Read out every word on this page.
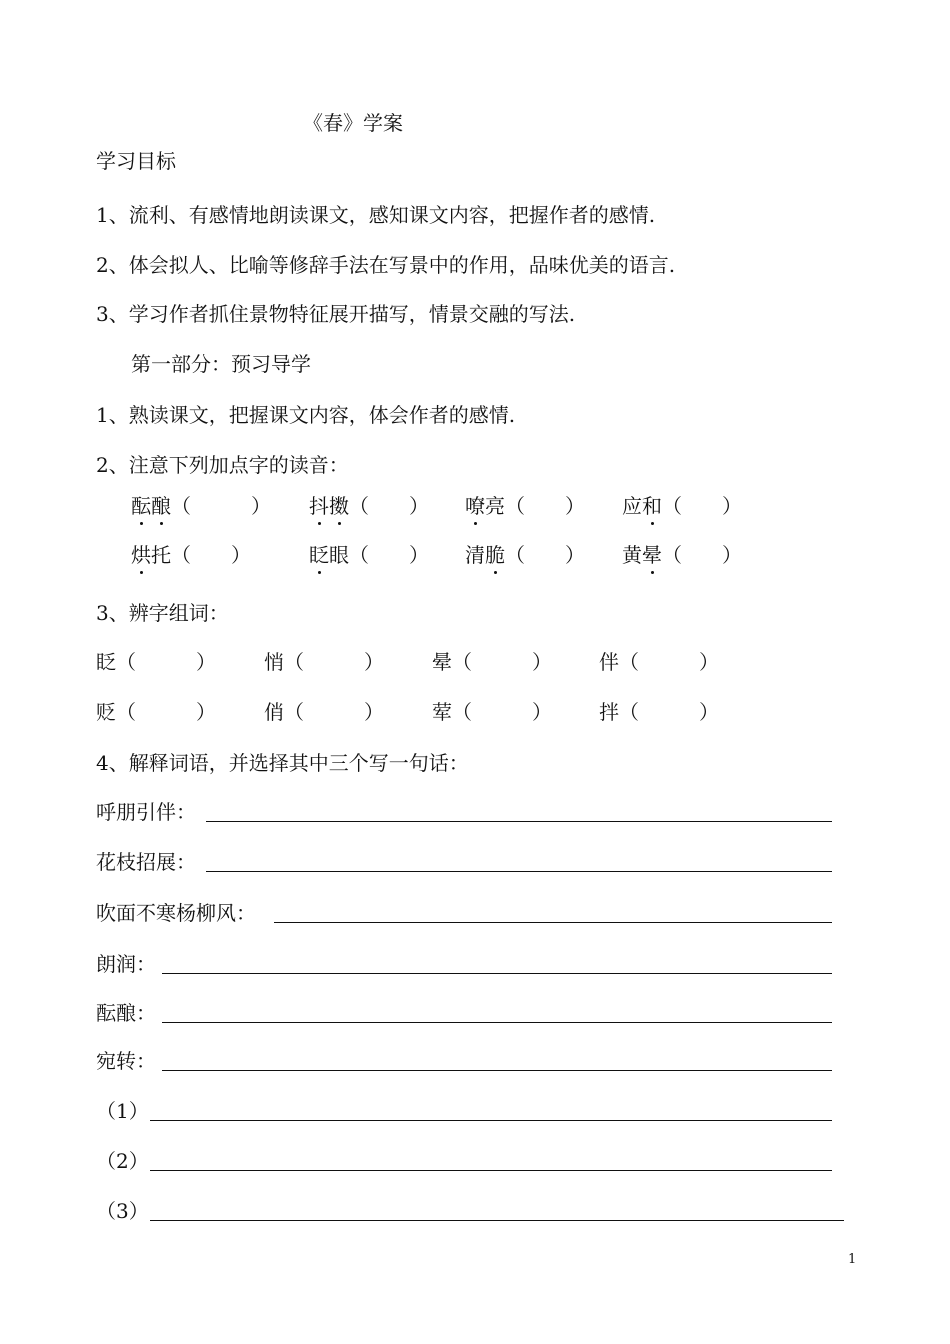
《春》学案
学习目标
1、流利、有感情地朗读课文，感知课文内容，把握作者的感情.
2、体会拟人、比喻等修辞手法在写景中的作用，品味优美的语言.
3、学习作者抓住景物特征展开描写，情景交融的写法.
第一部分：预习导学
1、熟读课文，把握课文内容，体会作者的感情.
2、注意下列加点字的读音：
酝酿（　　　） 抖擞（　　） 嘹亮（　　） 应和（　　）
烘托（　　）	眨眼（　　） 清脆（　　） 黄晕（　　）
3、辨字组词：
眨（　　　） 悄（　　　） 晕（　　　） 伴（　　　）
贬（　　　） 俏（　　　） 荤（　　　） 拌（　　　）
4、解释词语，并选择其中三个写一句话：
呼朋引伴：
花枝招展：
吹面不寒杨柳风：
朗润：
酝酿：
宛转：
（1）
（2）
（3）
1
